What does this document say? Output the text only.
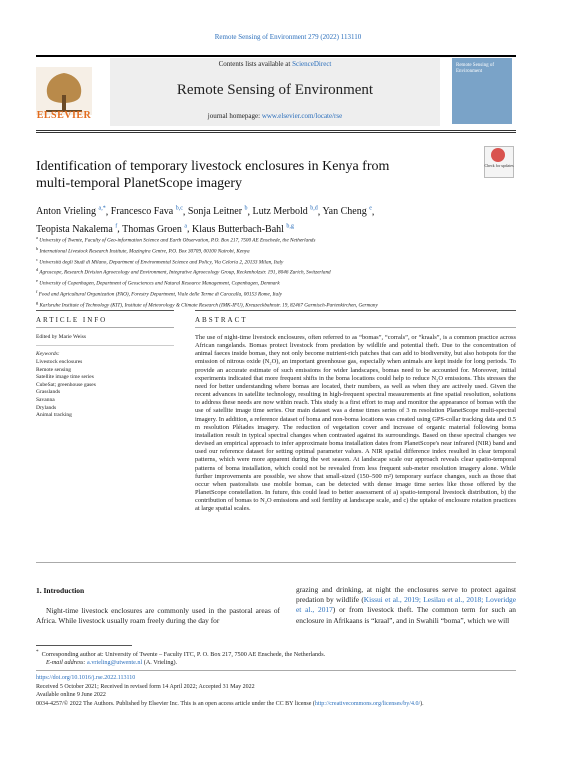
Remote Sensing of Environment 279 (2022) 113110
ELSEVIER
Contents lists available at ScienceDirect
Remote Sensing of Environment
journal homepage: www.elsevier.com/locate/rse
Remote Sensing of Environment
Identification of temporary livestock enclosures in Kenya from
multi-temporal PlanetScope imagery
Check for updates
Anton Vrieling $^{a,*}$, Francesco Fava $^{b,c}$, Sonja Leitner $^b$, Lutz Merbold $^{b,d}$, Yan Cheng $^e$,
Teopista Nakalema $^f$, Thomas Groen $^a$, Klaus Butterbach-Bahl $^{b,g}$
$^a$ University of Twente, Faculty of Geo-information Science and Earth Observation, P.O. Box 217, 7500 AE Enschede, the Netherlands
$^b$ International Livestock Research Institute, Mazingira Centre, P.O. Box 30709, 00100 Nairobi, Kenya
$^c$ Università degli Studi di Milano, Department of Environmental Science and Policy, Via Celoria 2, 20133 Milan, Italy
$^d$ Agroscope, Research Division Agroecology and Environment, Integrative Agroecology Group, Reckenholzstr. 191, 8046 Zurich, Switzerland
$^e$ University of Copenhagen, Department of Geosciences and Natural Resource Management, Copenhagen, Denmark
$^f$ Food and Agricultural Organization (FAO), Forestry Department, Viale delle Terme di Caracalla, 00153 Rome, Italy
$^g$ Karlsruhe Institute of Technology (KIT), Institute of Meteorology & Climate Research (IMK-IFU), Kreuzeckbahnstr. 19, 82467 Garmisch-Partenkirchen, Germany
ARTICLE INFO	ABSTRACT
Edited by Marie Weiss
Keywords:
Livestock enclosures
Remote sensing
Satellite image time series
CubeSat; greenhouse gases
Grasslands
Savanna
Drylands
Animal tracking
The use of night-time livestock enclosures, often referred to as “bomas”, “corrals”, or “kraals”, is a common practice across African rangelands. Bomas protect livestock from predation by wildlife and potential theft. Due to the concentration of animal faeces inside bomas, they not only become nutrient-rich patches that can add to biodiversity, but also hotspots for the emission of nitrous oxide (N₂O), an important greenhouse gas, especially when animals are kept inside for long periods. To provide an accurate estimate of such emissions for wider landscapes, bomas need to be accounted for. Moreover, initial experiments indicated that more frequent shifts in the boma locations could help to reduce N₂O emissions. This stresses the need for better understanding where bomas are located, their numbers, as well as when they are actively used. Given the recent advances in satellite technology, resulting in high-frequent spectral measurements at fine spatial resolution, solutions to address these needs are now within reach. This study is a first effort to map and monitor the appearance of bomas with the use of satellite image time series. Our main dataset was a dense times series of 3 m resolution PlanetScope multi-spectral imagery. In addition, a reference dataset of boma and non-boma locations was created using GPS-collar tracking data and 0.5 m resolution Pléiades imagery. The reduction of vegetation cover and increase of organic material following boma installation result in typical spectral changes when contrasted against its surroundings. Based on these spectral changes we devised an empirical approach to infer approximate boma installation dates from PlanetScope's near infrared (NIR) band and used our reference dataset for setting optimal parameter values. A NIR spatial difference index resulted in clear temporal patterns, which were more apparent during the wet season. At landscape scale our approach reveals clear spatio-temporal patterns of boma installation, which could not be revealed from less frequent sub-meter resolution imagery alone. While further improvements are possible, we show that small-sized (150–500 m²) temporary surface changes, such as those that occur when pastoralists use mobile bomas, can be detected with dense image time series like those offered by the PlanetScope constellation. In future, this could lead to better assessment of a) spatio-temporal livestock distribution, b) the contribution of bomas to N₂O emissions and soil fertility at landscape scale, and c) the uptake of enclosure rotation practices at large spatial scales.
1. Introduction
Night-time livestock enclosures are commonly used in the pastoral areas of Africa. While livestock usually roam freely during the day for
grazing and drinking, at night the enclosures serve to protect against predation by wildlife (Kissui et al., 2019; Lesilau et al., 2018; Loveridge et al., 2017) or from livestock theft. The common term for such an enclosure in Afrikaans is “kraal”, and in Swahili “boma”, which we will
* Corresponding author at: University of Twente – Faculty ITC, P. O. Box 217, 7500 AE Enschede, the Netherlands.
E-mail address: a.vrieling@utwente.nl (A. Vrieling).
https://doi.org/10.1016/j.rse.2022.113110
Received 5 October 2021; Received in revised form 14 April 2022; Accepted 31 May 2022
Available online 9 June 2022
0034-4257/© 2022 The Authors. Published by Elsevier Inc. This is an open access article under the CC BY license (http://creativecommons.org/licenses/by/4.0/).
